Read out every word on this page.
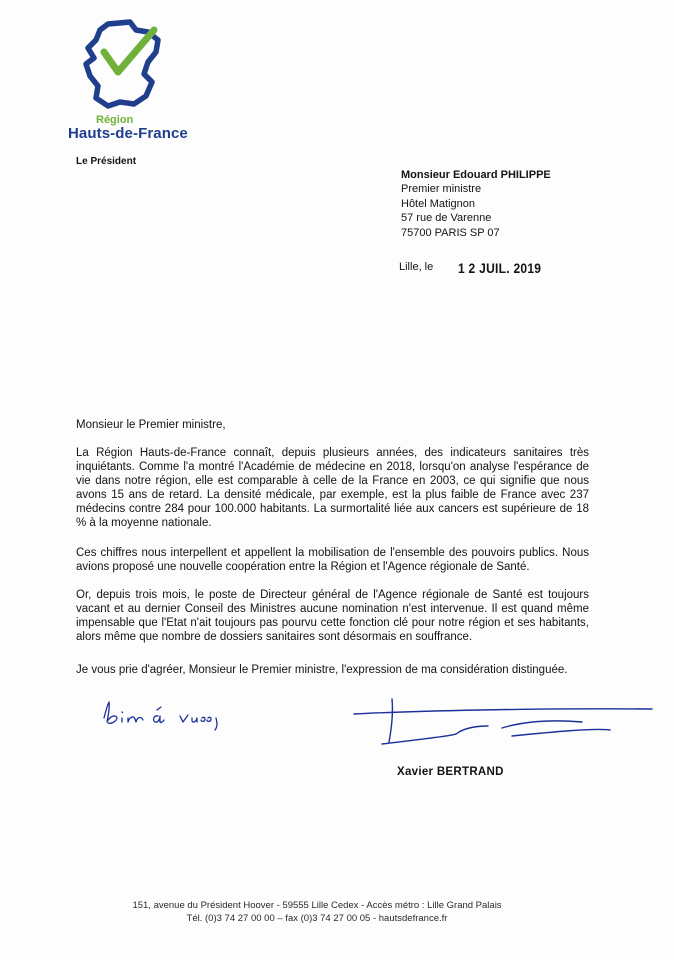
Région
Hauts-de-France
Le Président
Monsieur Edouard PHILIPPE
Premier ministre
Hôtel Matignon
57 rue de Varenne
75700 PARIS SP 07
Lille, le 1 2 JUIL. 2019
Monsieur le Premier ministre,
La Région Hauts-de-France connaît, depuis plusieurs années, des indicateurs sanitaires très inquiétants. Comme l'a montré l'Académie de médecine en 2018, lorsqu'on analyse l'espérance de vie dans notre région, elle est comparable à celle de la France en 2003, ce qui signifie que nous avons 15 ans de retard. La densité médicale, par exemple, est la plus faible de France avec 237 médecins contre 284 pour 100.000 habitants. La surmortalité liée aux cancers est supérieure de 18 % à la moyenne nationale.
Ces chiffres nous interpellent et appellent la mobilisation de l'ensemble des pouvoirs publics. Nous avions proposé une nouvelle coopération entre la Région et l'Agence régionale de Santé.
Or, depuis trois mois, le poste de Directeur général de l'Agence régionale de Santé est toujours vacant et au dernier Conseil des Ministres aucune nomination n'est intervenue. Il est quand même impensable que l'Etat n'ait toujours pas pourvu cette fonction clé pour notre région et ses habitants, alors même que nombre de dossiers sanitaires sont désormais en souffrance.
Je vous prie d'agréer, Monsieur le Premier ministre, l'expression de ma considération distinguée.
Xavier BERTRAND
151, avenue du Président Hoover - 59555 Lille Cedex - Accès métro : Lille Grand Palais
Tél. (0)3 74 27 00 00 – fax (0)3 74 27 00 05 - hautsdefrance.fr
